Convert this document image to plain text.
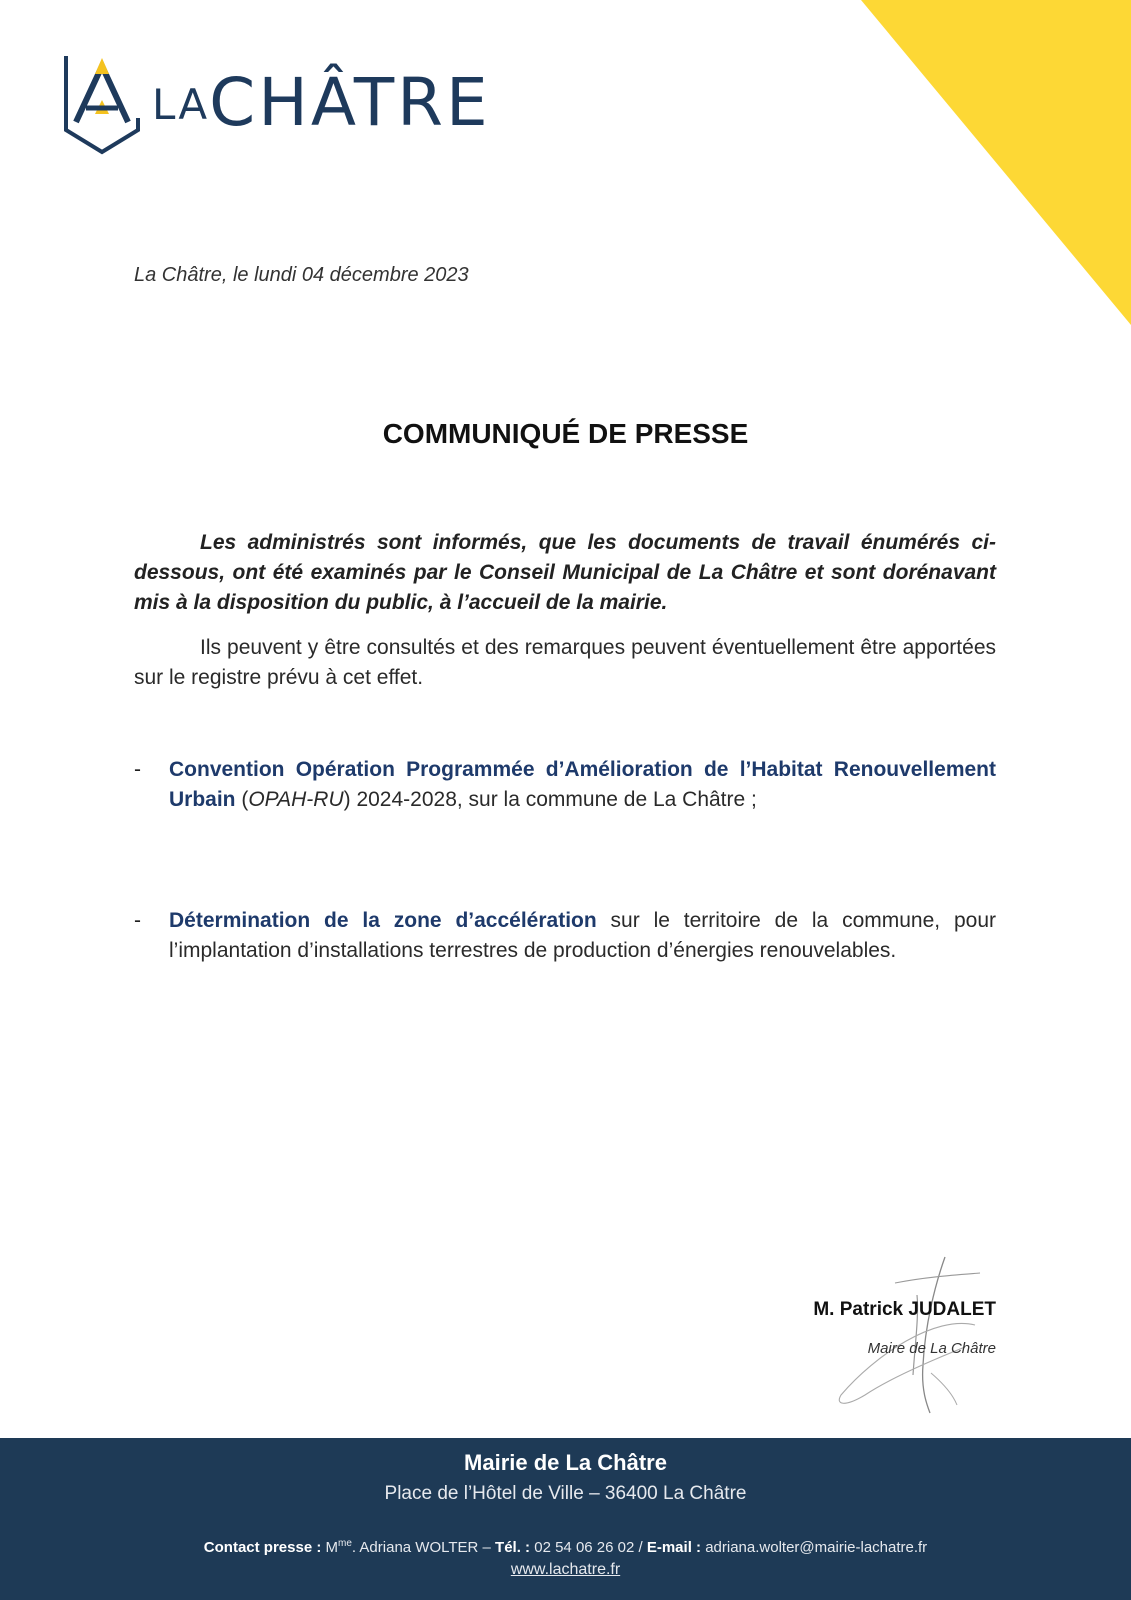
LACHÂTRE
La Châtre, le lundi 04 décembre 2023
COMMUNIQUÉ DE PRESSE

Les administrés sont informés, que les documents de travail énumérés ci-dessous, ont été examinés par le Conseil Municipal de La Châtre et sont dorénavant mis à la disposition du public, à l’accueil de la mairie.

Ils peuvent y être consultés et des remarques peuvent éventuellement être apportées sur le registre prévu à cet effet.

- Convention Opération Programmée d’Amélioration de l’Habitat Renouvellement Urbain (OPAH-RU) 2024-2028, sur la commune de La Châtre ;
- Détermination de la zone d’accélération sur le territoire de la commune, pour l’implantation d’installations terrestres de production d’énergies renouvelables.
M. Patrick JUDALET
Maire de La Châtre
Mairie de La Châtre
Place de l’Hôtel de Ville – 36400 La Châtre
Contact presse : $M^{me}$. Adriana WOLTER – Tél. : 02 54 06 26 02 / E-mail : adriana.wolter@mairie-lachatre.fr
www.lachatre.fr
